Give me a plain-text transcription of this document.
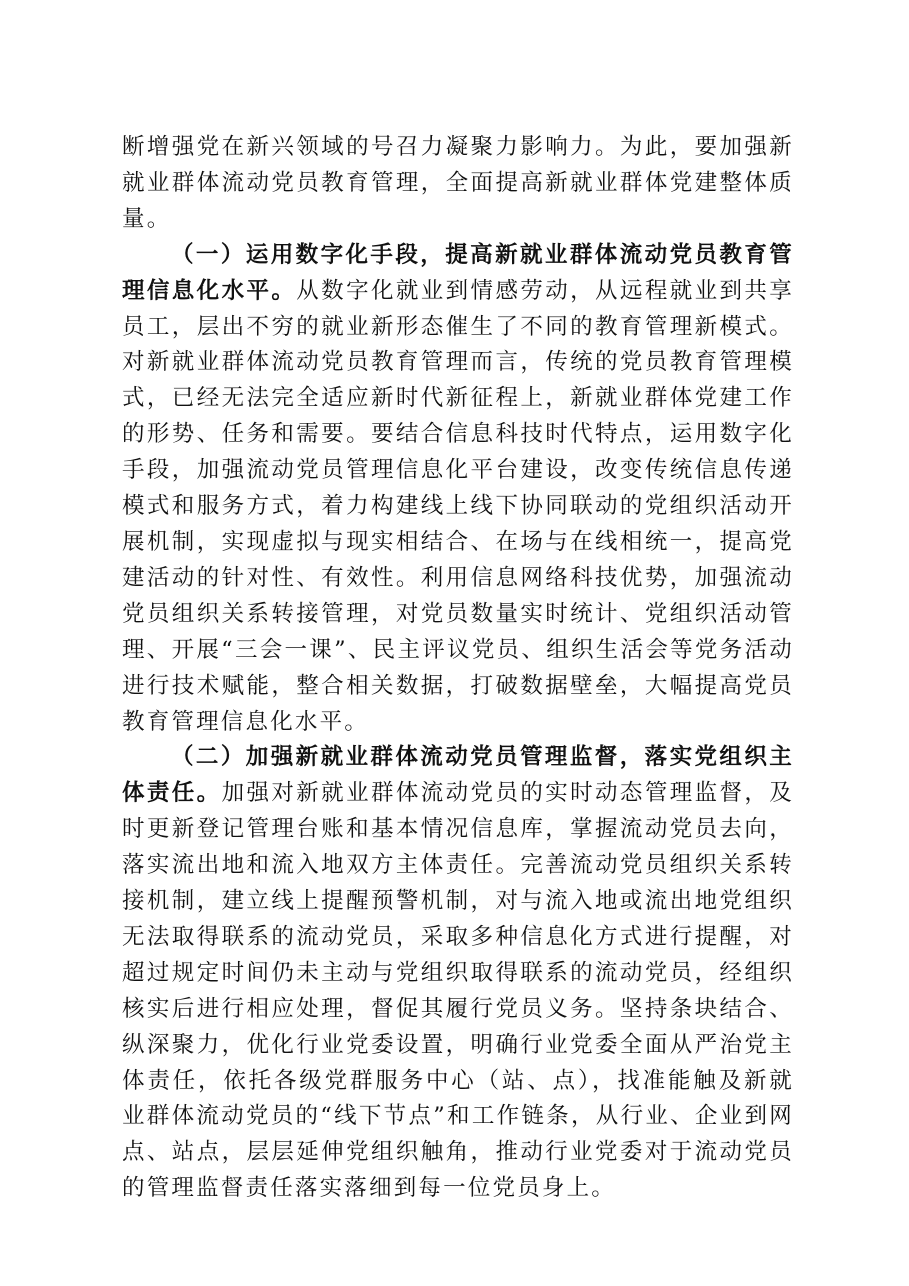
断增强党在新兴领域的号召力凝聚力影响力。为此，要加强新就业群体流动党员教育管理，全面提高新就业群体党建整体质量。

（一）运用数字化手段，提高新就业群体流动党员教育管理信息化水平。从数字化就业到情感劳动，从远程就业到共享员工，层出不穷的就业新形态催生了不同的教育管理新模式。对新就业群体流动党员教育管理而言，传统的党员教育管理模式，已经无法完全适应新时代新征程上，新就业群体党建工作的形势、任务和需要。要结合信息科技时代特点，运用数字化手段，加强流动党员管理信息化平台建设，改变传统信息传递模式和服务方式，着力构建线上线下协同联动的党组织活动开展机制，实现虚拟与现实相结合、在场与在线相统一，提高党建活动的针对性、有效性。利用信息网络科技优势，加强流动党员组织关系转接管理，对党员数量实时统计、党组织活动管理、开展“三会一课”、民主评议党员、组织生活会等党务活动进行技术赋能，整合相关数据，打破数据壁垒，大幅提高党员教育管理信息化水平。

（二）加强新就业群体流动党员管理监督，落实党组织主体责任。加强对新就业群体流动党员的实时动态管理监督，及时更新登记管理台账和基本情况信息库，掌握流动党员去向，落实流出地和流入地双方主体责任。完善流动党员组织关系转接机制，建立线上提醒预警机制，对与流入地或流出地党组织无法取得联系的流动党员，采取多种信息化方式进行提醒，对超过规定时间仍未主动与党组织取得联系的流动党员，经组织核实后进行相应处理，督促其履行党员义务。坚持条块结合、纵深聚力，优化行业党委设置，明确行业党委全面从严治党主体责任，依托各级党群服务中心（站、点），找准能触及新就业群体流动党员的“线下节点”和工作链条，从行业、企业到网点、站点，层层延伸党组织触角，推动行业党委对于流动党员的管理监督责任落实落细到每一位党员身上。
